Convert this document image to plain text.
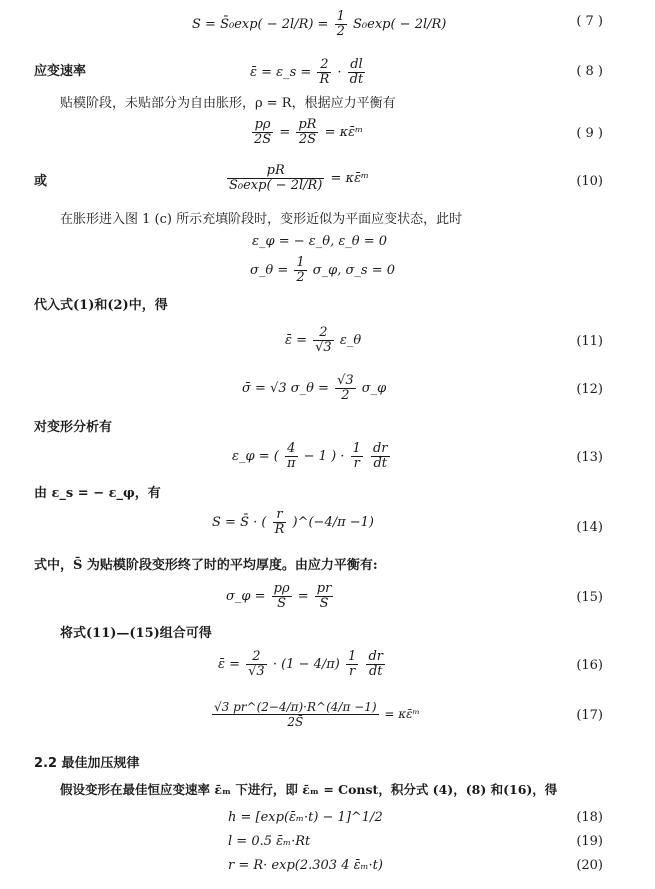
S = S̄₀exp( − $2l/R) = \frac{1}{2} S_0\exp( - 2l/R)$	( 7 )
应变速率	ε̄ = ε_s = $\frac{2}{R} \cdot \frac{dl}{dt}$	( 8 )
贴模阶段，未贴部分为自由胀形，ρ = R，根据应力平衡有
$\frac{p\rho}{2S} = \frac{pR}{2S}$ = κε̄ᵐ	( 9 )
或	$\frac{pR}{\text{S₀exp( − 2l/R)}}$ = κε̄ᵐ	(10)
在胀形进入图 1 (c) 所示充填阶段时，变形近似为平面应变状态，此时
ε_φ = − ε_θ, ε_θ = 0
σ_θ = $\frac{1}{2}$ σ_φ, σ_s = 0
代入式(1)和(2)中，得
ε̄ = $\frac{2}{√3}$ ε_θ	(11)
σ̄ = √3 σ_θ = $\frac{√3}{2}$ σ_φ	(12)
对变形分析有
ε_φ = ( $\frac{4}{\pi} - 1$ ) · $\frac{1}{r}$
$\frac{dr}{dt}$	(13)
由 ε_s = − ε_φ，有
S = S̄ · ( $\frac{r}{R}$ )^(−4/π −1)	(14)
式中，S̄ 为贴模阶段变形终了时的平均厚度。由应力平衡有:
σ_φ = $\frac{p\rho}{S} = \frac{pr}{S}$	(15)
将式(11)—(15)组合可得
ε̄ = $\frac{2}{√3} \cdot (1 - 4/\pi) \frac{1}{r}$
$\frac{dr}{dt}$	(16)
$\frac{√3 pr\^{}(2-4/\pi)\cdot R\^{}(4/\pi -1)}{2S̄}$ = κε̄ᵐ	(17)
2.2 最佳加压规律
假设变形在最佳恒应变速率 ε̄ₘ 下进行，即 ε̄ₘ = Const，积分式 (4)，(8) 和(16)，得
h = [exp(ε̄ₘ·t) − 1]^1/2	(18)
l = 0.5 ε̄ₘ·Rt	(19)
r = R· exp(2.303 4 ε̄ₘ·t)	(20)
